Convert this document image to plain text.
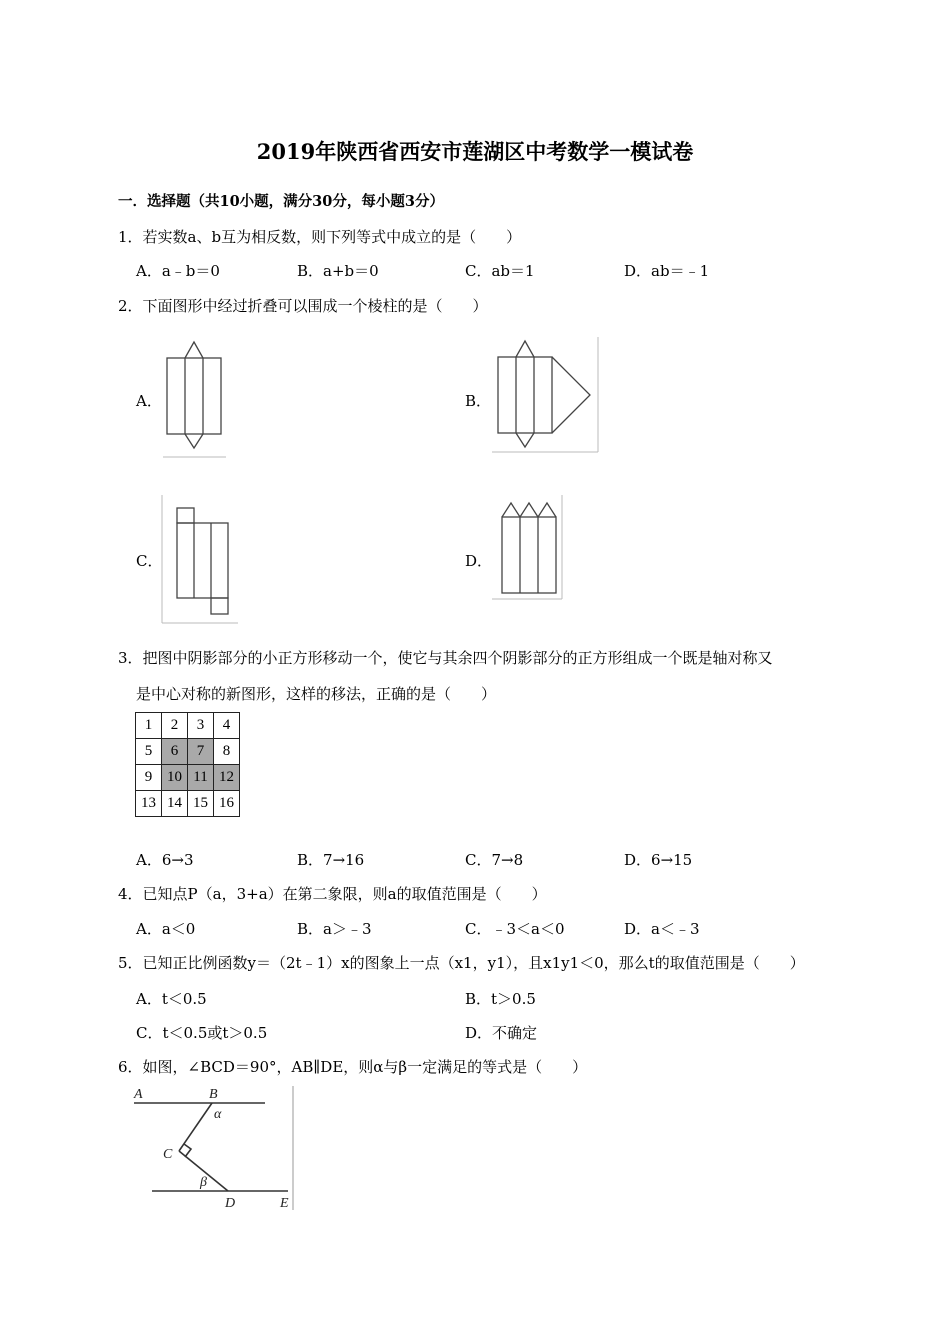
2019年陕西省西安市莲湖区中考数学一模试卷
一．选择题（共10小题，满分30分，每小题3分）
1．若实数a、b互为相反数，则下列等式中成立的是（　　）
A．a﹣b＝0	B．a+b＝0	C．ab＝1	D．ab＝﹣1
2．下面图形中经过折叠可以围成一个棱柱的是（　　）
A．	B．
C．	D．
3．把图中阴影部分的小正方形移动一个，使它与其余四个阴影部分的正方形组成一个既是轴对称又
是中心对称的新图形，这样的移法，正确的是（　　）
1	2	3	4
5	6	7	8
9	10	11	12
13	14	15	16
A．6→3	B．7→16	C．7→8	D．6→15
4．已知点P（a，3+a）在第二象限，则a的取值范围是（　　）
A．a＜0	B．a＞﹣3	C．﹣3＜a＜0	D．a＜﹣3
5．已知正比例函数y＝（2t﹣1）x的图象上一点（x1，y1），且x1y1＜0，那么t的取值范围是（　　）
A．t＜0.5	B．t＞0.5
C．t＜0.5或t＞0.5	D．不确定
6．如图，∠BCD＝90°，AB∥DE，则α与β一定满足的等式是（　　）
A	B
α
C
β
D	E
